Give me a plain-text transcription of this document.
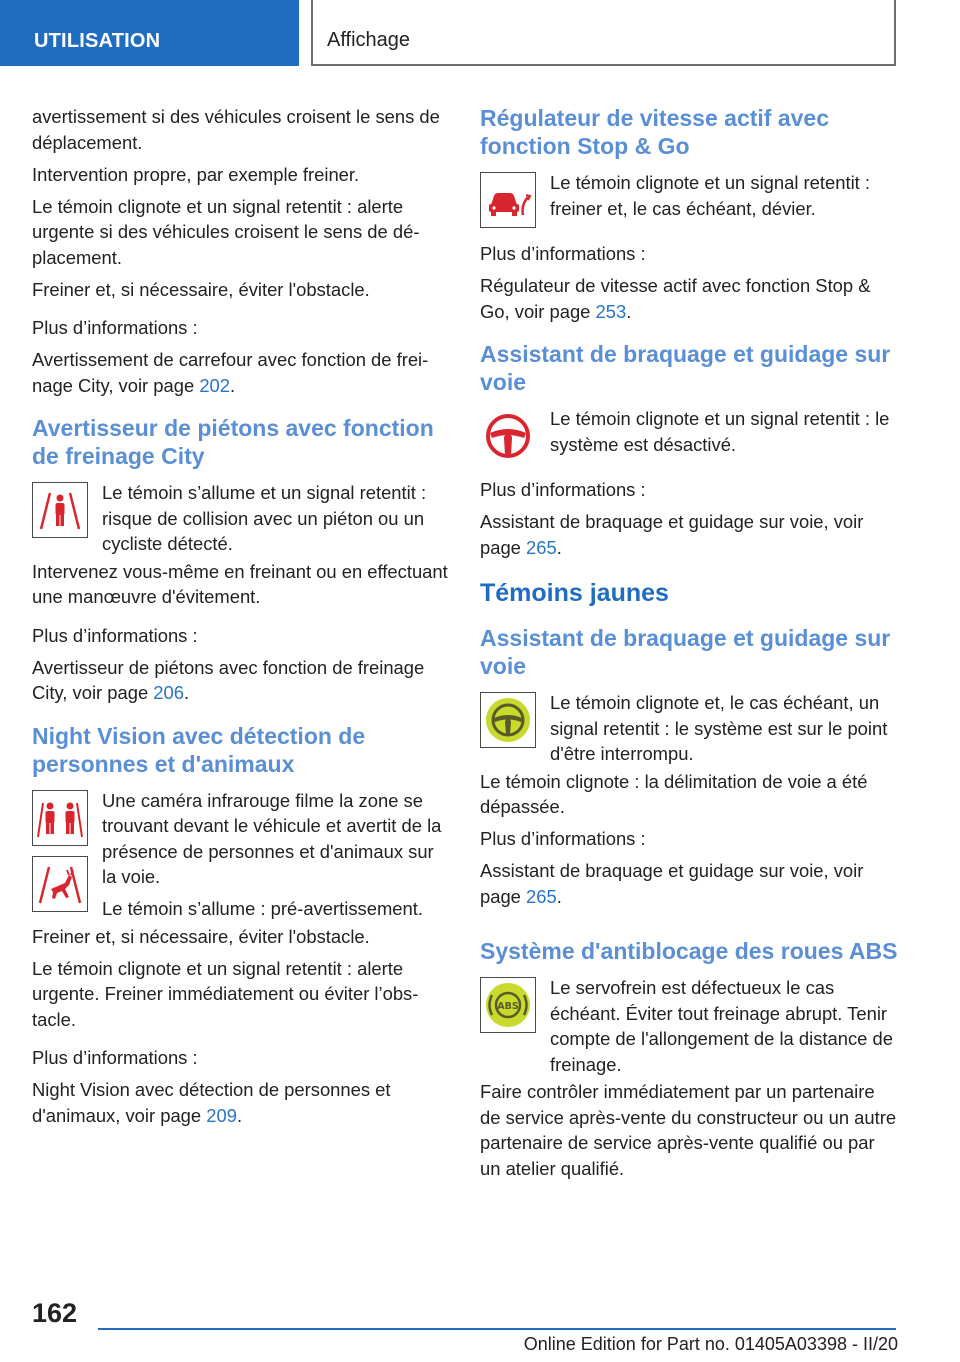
UTILISATION	Affichage

avertissement si des véhicules croisent le sens de déplacement.

Intervention propre, par exemple freiner.

Le témoin clignote et un signal retentit : alerte urgente si des véhicules croisent le sens de déplacement.

Freiner et, si nécessaire, éviter l'obstacle.

Plus d’informations :

Avertissement de carrefour avec fonction de freinage City, voir page 202.

Avertisseur de piétons avec fonction de freinage City

Le témoin s’allume et un signal retentit : risque de collision avec un piéton ou un cycliste détecté.

Intervenez vous-même en freinant ou en effectuant une manœuvre d'évitement.

Plus d’informations :

Avertisseur de piétons avec fonction de freinage City, voir page 206.

Night Vision avec détection de personnes et d'animaux

Une caméra infrarouge filme la zone se trouvant devant le véhicule et avertit de la présence de personnes et d'animaux sur la voie.

Le témoin s’allume : pré-avertissement.

Freiner et, si nécessaire, éviter l'obstacle.

Le témoin clignote et un signal retentit : alerte urgente. Freiner immédiatement ou éviter l’obstacle.

Plus d’informations :

Night Vision avec détection de personnes et d'animaux, voir page 209.

Régulateur de vitesse actif avec fonction Stop & Go

Le témoin clignote et un signal retentit : freiner et, le cas échéant, dévier.

Plus d’informations :

Régulateur de vitesse actif avec fonction Stop & Go, voir page 253.

Assistant de braquage et guidage sur voie

Le témoin clignote et un signal retentit : le système est désactivé.

Plus d’informations :

Assistant de braquage et guidage sur voie, voir page 265.

Témoins jaunes
Assistant de braquage et guidage sur voie

Le témoin clignote et, le cas échéant, un signal retentit : le système est sur le point d'être interrompu.

Le témoin clignote : la délimitation de voie a été dépassée.

Plus d’informations :

Assistant de braquage et guidage sur voie, voir page 265.

Système d'antiblocage des roues ABS
ABS

Le servofrein est défectueux le cas échéant. Éviter tout freinage abrupt. Tenir compte de l'allongement de la distance de freinage.

Faire contrôler immédiatement par un partenaire de service après-vente du constructeur ou un autre partenaire de service après-vente qualifié ou par un atelier qualifié.

162
Online Edition for Part no. 01405A03398 - II/20
